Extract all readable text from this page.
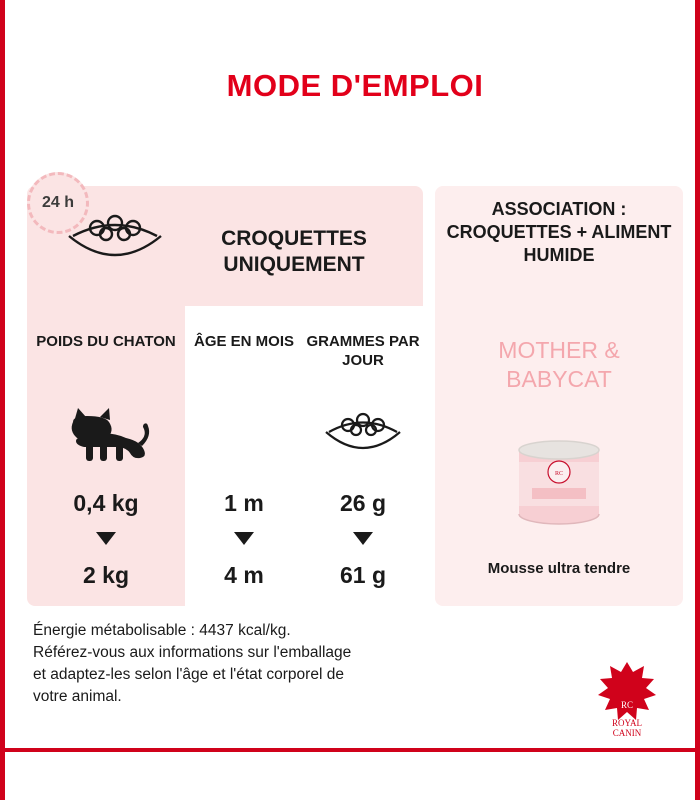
MODE D'EMPLOI
24 h
CROQUETTES UNIQUEMENT
POIDS DU CHATON
0,4 kg
2 kg
ÂGE EN MOIS
1 m
4 m
GRAMMES PAR JOUR
26 g
61 g
ASSOCIATION : CROQUETTES + ALIMENT HUMIDE
MOTHER & BABYCAT
RC
Mousse ultra tendre
Énergie métabolisable : 4437 kcal/kg.
Référez-vous aux informations sur l'emballage
et adaptez-les selon l'âge et l'état corporel de
votre animal.	RC
ROYAL
CANIN
